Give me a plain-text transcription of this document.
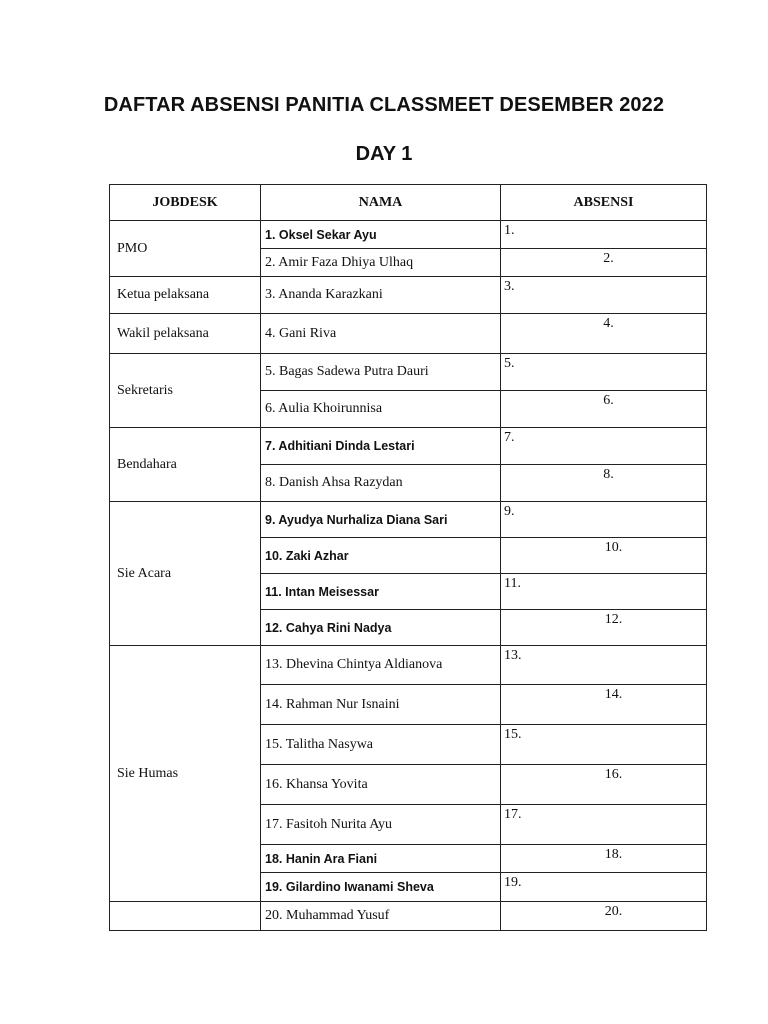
DAFTAR ABSENSI PANITIA CLASSMEET DESEMBER 2022
DAY 1
JOBDESK	NAMA	ABSENSI
PMO	1. Oksel Sekar Ayu	1.
	2. Amir Faza Dhiya Ulhaq	2.
Ketua pelaksana	3. Ananda Karazkani	3.
Wakil pelaksana	4. Gani Riva	4.
Sekretaris	5. Bagas Sadewa Putra Dauri	5.
	6. Aulia Khoirunnisa	6.
Bendahara	7. Adhitiani Dinda Lestari	7.
	8. Danish Ahsa Razydan	8.
Sie Acara	9. Ayudya Nurhaliza Diana Sari	9.
	10. Zaki Azhar	10.
	11. Intan Meisessar	11.
	12. Cahya Rini Nadya	12.
Sie Humas	13. Dhevina Chintya Aldianova	13.
	14. Rahman Nur Isnaini	14.
	15. Talitha Nasywa	15.
	16. Khansa Yovita	16.
	17. Fasitoh Nurita Ayu	17.
	18. Hanin Ara Fiani	18.
	19. Gilardino Iwanami Sheva	19.
	20. Muhammad Yusuf	20.
